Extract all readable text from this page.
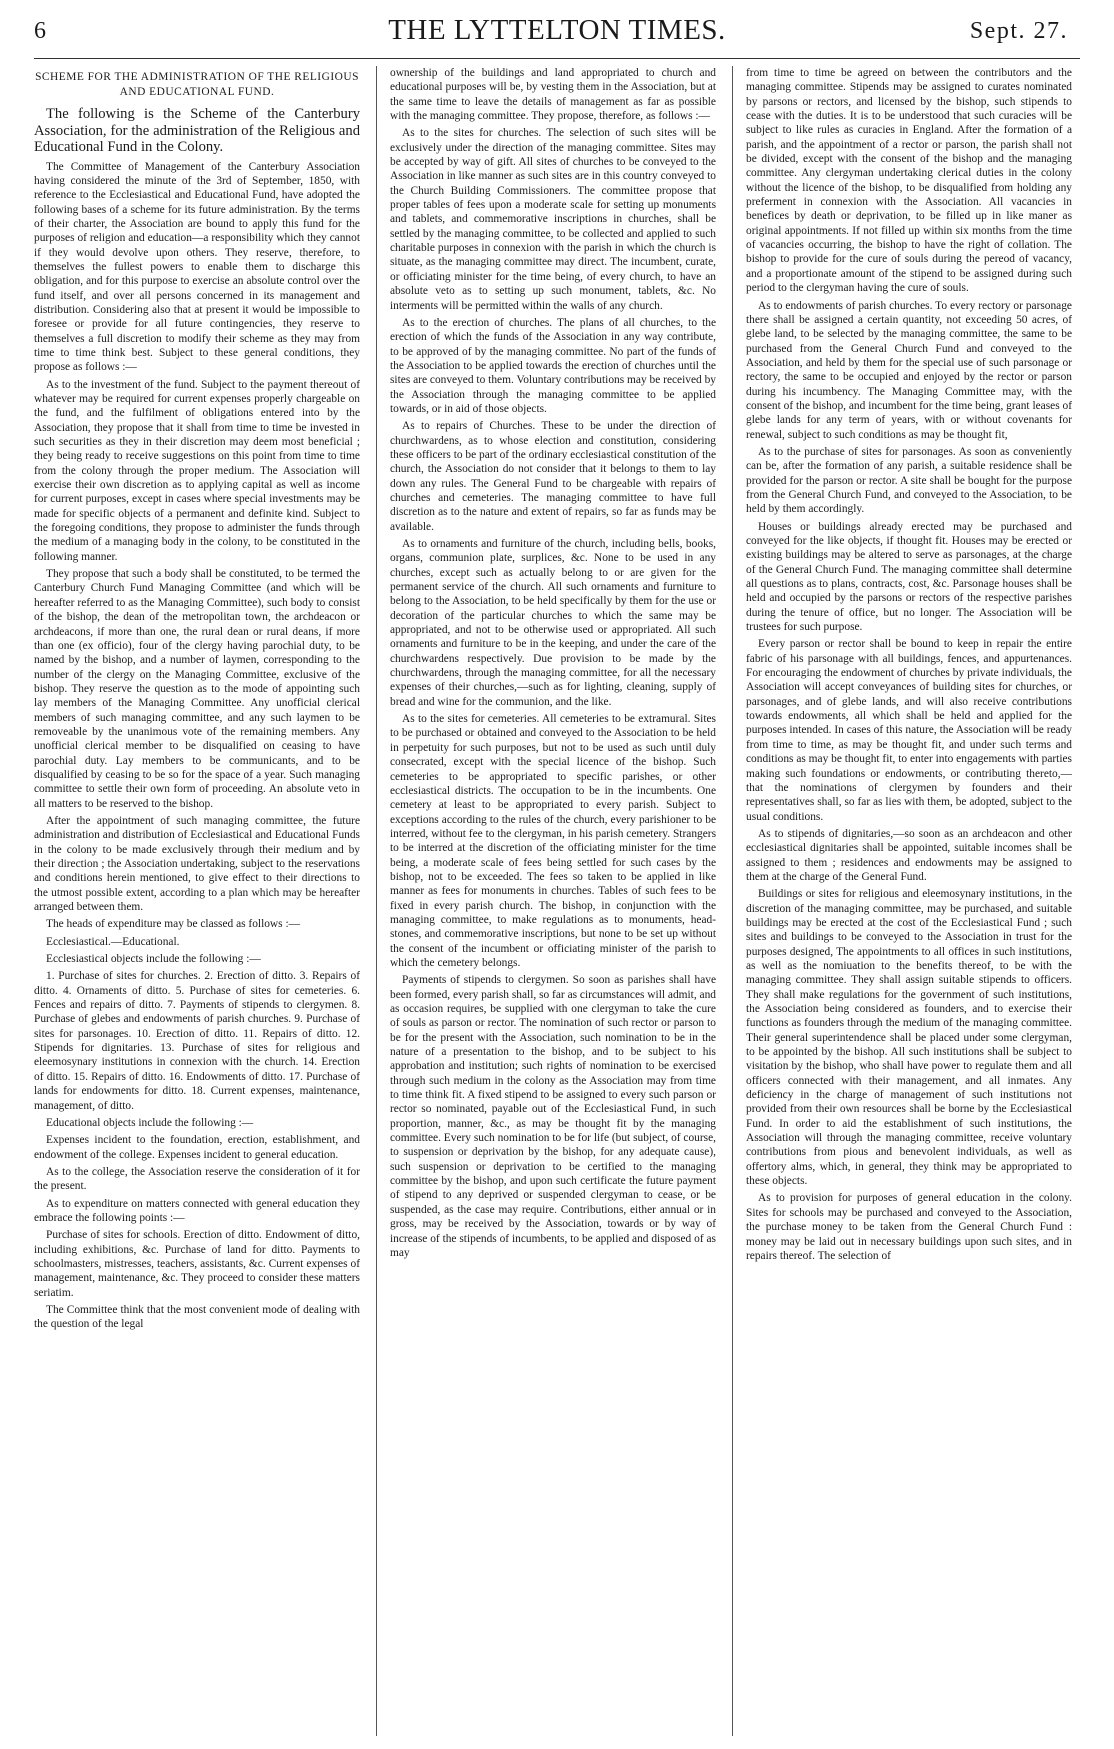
6	THE LYTTELTON TIMES.	Sept. 27.
SCHEME FOR THE ADMINISTRATION OF THE RELIGIOUS AND EDUCATIONAL FUND.

The following is the Scheme of the Canterbury Association, for the administration of the Religious and Educational Fund in the Colony.

The Committee of Management of the Canterbury Association having considered the minute of the 3rd of September, 1850, with reference to the Ecclesiastical and Educational Fund, have adopted the following bases of a scheme for its future administration. By the terms of their charter, the Association are bound to apply this fund for the purposes of religion and education—a responsibility which they cannot if they would devolve upon others. They reserve, therefore, to themselves the fullest powers to enable them to discharge this obligation, and for this purpose to exercise an absolute control over the fund itself, and over all persons concerned in its management and distribution. Considering also that at present it would be impossible to foresee or provide for all future contingencies, they reserve to themselves a full discretion to modify their scheme as they may from time to time think best. Subject to these general conditions, they propose as follows :—

As to the investment of the fund. Subject to the payment thereout of whatever may be required for current expenses properly chargeable on the fund, and the fulfilment of obligations entered into by the Association, they propose that it shall from time to time be invested in such securities as they in their discretion may deem most beneficial ; they being ready to receive suggestions on this point from time to time from the colony through the proper medium. The Association will exercise their own discretion as to applying capital as well as income for current purposes, except in cases where special investments may be made for specific objects of a permanent and definite kind. Subject to the foregoing conditions, they propose to administer the funds through the medium of a managing body in the colony, to be constituted in the following manner.

They propose that such a body shall be constituted, to be termed the Canterbury Church Fund Managing Committee (and which will be hereafter referred to as the Managing Committee), such body to consist of the bishop, the dean of the metropolitan town, the archdeacon or archdeacons, if more than one, the rural dean or rural deans, if more than one (ex officio), four of the clergy having parochial duty, to be named by the bishop, and a number of laymen, corresponding to the number of the clergy on the Managing Committee, exclusive of the bishop. They reserve the question as to the mode of appointing such lay members of the Managing Committee. Any unofficial clerical members of such managing committee, and any such laymen to be removeable by the unanimous vote of the remaining members. Any unofficial clerical member to be disqualified on ceasing to have parochial duty. Lay members to be communicants, and to be disqualified by ceasing to be so for the space of a year. Such managing committee to settle their own form of proceeding. An absolute veto in all matters to be reserved to the bishop.

After the appointment of such managing committee, the future administration and distribution of Ecclesiastical and Educational Funds in the colony to be made exclusively through their medium and by their direction ; the Association undertaking, subject to the reservations and conditions herein mentioned, to give effect to their directions to the utmost possible extent, according to a plan which may be hereafter arranged between them.

The heads of expenditure may be classed as follows :—

Ecclesiastical.—Educational.

Ecclesiastical objects include the following :—

1. Purchase of sites for churches. 2. Erection of ditto. 3. Repairs of ditto. 4. Ornaments of ditto. 5. Purchase of sites for cemeteries. 6. Fences and repairs of ditto. 7. Payments of stipends to clergymen. 8. Purchase of glebes and endowments of parish churches. 9. Purchase of sites for parsonages. 10. Erection of ditto. 11. Repairs of ditto. 12. Stipends for dignitaries. 13. Purchase of sites for religious and eleemosynary institutions in connexion with the church. 14. Erection of ditto. 15. Repairs of ditto. 16. Endowments of ditto. 17. Purchase of lands for endowments for ditto. 18. Current expenses, maintenance, management, of ditto.

Educational objects include the following :—

Expenses incident to the foundation, erection, establishment, and endowment of the college. Expenses incident to general education.

As to the college, the Association reserve the consideration of it for the present.

As to expenditure on matters connected with general education they embrace the following points :—

Purchase of sites for schools. Erection of ditto. Endowment of ditto, including exhibitions, &c. Purchase of land for ditto. Payments to schoolmasters, mistresses, teachers, assistants, &c. Current expenses of management, maintenance, &c. They proceed to consider these matters seriatim.

The Committee think that the most convenient mode of dealing with the question of the legal

ownership of the buildings and land appropriated to church and educational purposes will be, by vesting them in the Association, but at the same time to leave the details of management as far as possible with the managing committee. They propose, therefore, as follows :—

As to the sites for churches. The selection of such sites will be exclusively under the direction of the managing committee. Sites may be accepted by way of gift. All sites of churches to be conveyed to the Association in like manner as such sites are in this country conveyed to the Church Building Commissioners. The committee propose that proper tables of fees upon a moderate scale for setting up monuments and tablets, and commemorative inscriptions in churches, shall be settled by the managing committee, to be collected and applied to such charitable purposes in connexion with the parish in which the church is situate, as the managing committee may direct. The incumbent, curate, or officiating minister for the time being, of every church, to have an absolute veto as to setting up such monument, tablets, &c. No interments will be permitted within the walls of any church.

As to the erection of churches. The plans of all churches, to the erection of which the funds of the Association in any way contribute, to be approved of by the managing committee. No part of the funds of the Association to be applied towards the erection of churches until the sites are conveyed to them. Voluntary contributions may be received by the Association through the managing committee to be applied towards, or in aid of those objects.

As to repairs of Churches. These to be under the direction of churchwardens, as to whose election and constitution, considering these officers to be part of the ordinary ecclesiastical constitution of the church, the Association do not consider that it belongs to them to lay down any rules. The General Fund to be chargeable with repairs of churches and cemeteries. The managing committee to have full discretion as to the nature and extent of repairs, so far as funds may be available.

As to ornaments and furniture of the church, including bells, books, organs, communion plate, surplices, &c. None to be used in any churches, except such as actually belong to or are given for the permanent service of the church. All such ornaments and furniture to belong to the Association, to be held specifically by them for the use or decoration of the particular churches to which the same may be appropriated, and not to be otherwise used or appropriated. All such ornaments and furniture to be in the keeping, and under the care of the churchwardens respectively. Due provision to be made by the churchwardens, through the managing committee, for all the necessary expenses of their churches,—such as for lighting, cleaning, supply of bread and wine for the communion, and the like.

As to the sites for cemeteries. All cemeteries to be extramural. Sites to be purchased or obtained and conveyed to the Association to be held in perpetuity for such purposes, but not to be used as such until duly consecrated, except with the special licence of the bishop. Such cemeteries to be appropriated to specific parishes, or other ecclesiastical districts. The occupation to be in the incumbents. One cemetery at least to be appropriated to every parish. Subject to exceptions according to the rules of the church, every parishioner to be interred, without fee to the clergyman, in his parish cemetery. Strangers to be interred at the discretion of the officiating minister for the time being, a moderate scale of fees being settled for such cases by the bishop, not to be exceeded. The fees so taken to be applied in like manner as fees for monuments in churches. Tables of such fees to be fixed in every parish church. The bishop, in conjunction with the managing committee, to make regulations as to monuments, head-stones, and commemorative inscriptions, but none to be set up without the consent of the incumbent or officiating minister of the parish to which the cemetery belongs.

Payments of stipends to clergymen. So soon as parishes shall have been formed, every parish shall, so far as circumstances will admit, and as occasion requires, be supplied with one clergyman to take the cure of souls as parson or rector. The nomination of such rector or parson to be for the present with the Association, such nomination to be in the nature of a presentation to the bishop, and to be subject to his approbation and institution; such rights of nomination to be exercised through such medium in the colony as the Association may from time to time think fit. A fixed stipend to be assigned to every such parson or rector so nominated, payable out of the Ecclesiastical Fund, in such proportion, manner, &c., as may be thought fit by the managing committee. Every such nomination to be for life (but subject, of course, to suspension or deprivation by the bishop, for any adequate cause), such suspension or deprivation to be certified to the managing committee by the bishop, and upon such certificate the future payment of stipend to any deprived or suspended clergyman to cease, or be suspended, as the case may require. Contributions, either annual or in gross, may be received by the Association, towards or by way of increase of the stipends of incumbents, to be applied and disposed of as may

from time to time be agreed on between the contributors and the managing committee. Stipends may be assigned to curates nominated by parsons or rectors, and licensed by the bishop, such stipends to cease with the duties. It is to be understood that such curacies will be subject to like rules as curacies in England. After the formation of a parish, and the appointment of a rector or parson, the parish shall not be divided, except with the consent of the bishop and the managing committee. Any clergyman undertaking clerical duties in the colony without the licence of the bishop, to be disqualified from holding any preferment in connexion with the Association. All vacancies in benefices by death or deprivation, to be filled up in like maner as original appointments. If not filled up within six months from the time of vacancies occurring, the bishop to have the right of collation. The bishop to provide for the cure of souls during the pereod of vacancy, and a proportionate amount of the stipend to be assigned during such period to the clergyman having the cure of souls.

As to endowments of parish churches. To every rectory or parsonage there shall be assigned a certain quantity, not exceeding 50 acres, of glebe land, to be selected by the managing committee, the same to be purchased from the General Church Fund and conveyed to the Association, and held by them for the special use of such parsonage or rectory, the same to be occupied and enjoyed by the rector or parson during his incumbency. The Managing Committee may, with the consent of the bishop, and incumbent for the time being, grant leases of glebe lands for any term of years, with or without covenants for renewal, subject to such conditions as may be thought fit,

As to the purchase of sites for parsonages. As soon as conveniently can be, after the formation of any parish, a suitable residence shall be provided for the parson or rector. A site shall be bought for the purpose from the General Church Fund, and conveyed to the Association, to be held by them accordingly.

Houses or buildings already erected may be purchased and conveyed for the like objects, if thought fit. Houses may be erected or existing buildings may be altered to serve as parsonages, at the charge of the General Church Fund. The managing committee shall determine all questions as to plans, contracts, cost, &c. Parsonage houses shall be held and occupied by the parsons or rectors of the respective parishes during the tenure of office, but no longer. The Association will be trustees for such purpose.

Every parson or rector shall be bound to keep in repair the entire fabric of his parsonage with all buildings, fences, and appurtenances. For encouraging the endowment of churches by private individuals, the Association will accept conveyances of building sites for churches, or parsonages, and of glebe lands, and will also receive contributions towards endowments, all which shall be held and applied for the purposes intended. In cases of this nature, the Association will be ready from time to time, as may be thought fit, and under such terms and conditions as may be thought fit, to enter into engagements with parties making such foundations or endowments, or contributing thereto,—that the nominations of clergymen by founders and their representatives shall, so far as lies with them, be adopted, subject to the usual conditions.

As to stipends of dignitaries,—so soon as an archdeacon and other ecclesiastical dignitaries shall be appointed, suitable incomes shall be assigned to them ; residences and endowments may be assigned to them at the charge of the General Fund.

Buildings or sites for religious and eleemosynary institutions, in the discretion of the managing committee, may be purchased, and suitable buildings may be erected at the cost of the Ecclesiastical Fund ; such sites and buildings to be conveyed to the Association in trust for the purposes designed, The appointments to all offices in such institutions, as well as the nomiuation to the benefits thereof, to be with the managing committee. They shall assign suitable stipends to officers. They shall make regulations for the government of such institutions, the Association being considered as founders, and to exercise their functions as founders through the medium of the managing committee. Their general superintendence shall be placed under some clergyman, to be appointed by the bishop. All such institutions shall be subject to visitation by the bishop, who shall have power to regulate them and all officers connected with their management, and all inmates. Any deficiency in the charge of management of such institutions not provided from their own resources shall be borne by the Ecclesiastical Fund. In order to aid the establishment of such institutions, the Association will through the managing committee, receive voluntary contributions from pious and benevolent individuals, as well as offertory alms, which, in general, they think may be appropriated to these objects.

As to provision for purposes of general education in the colony. Sites for schools may be purchased and conveyed to the Association, the purchase money to be taken from the General Church Fund : money may be laid out in necessary buildings upon such sites, and in repairs thereof. The selection of
